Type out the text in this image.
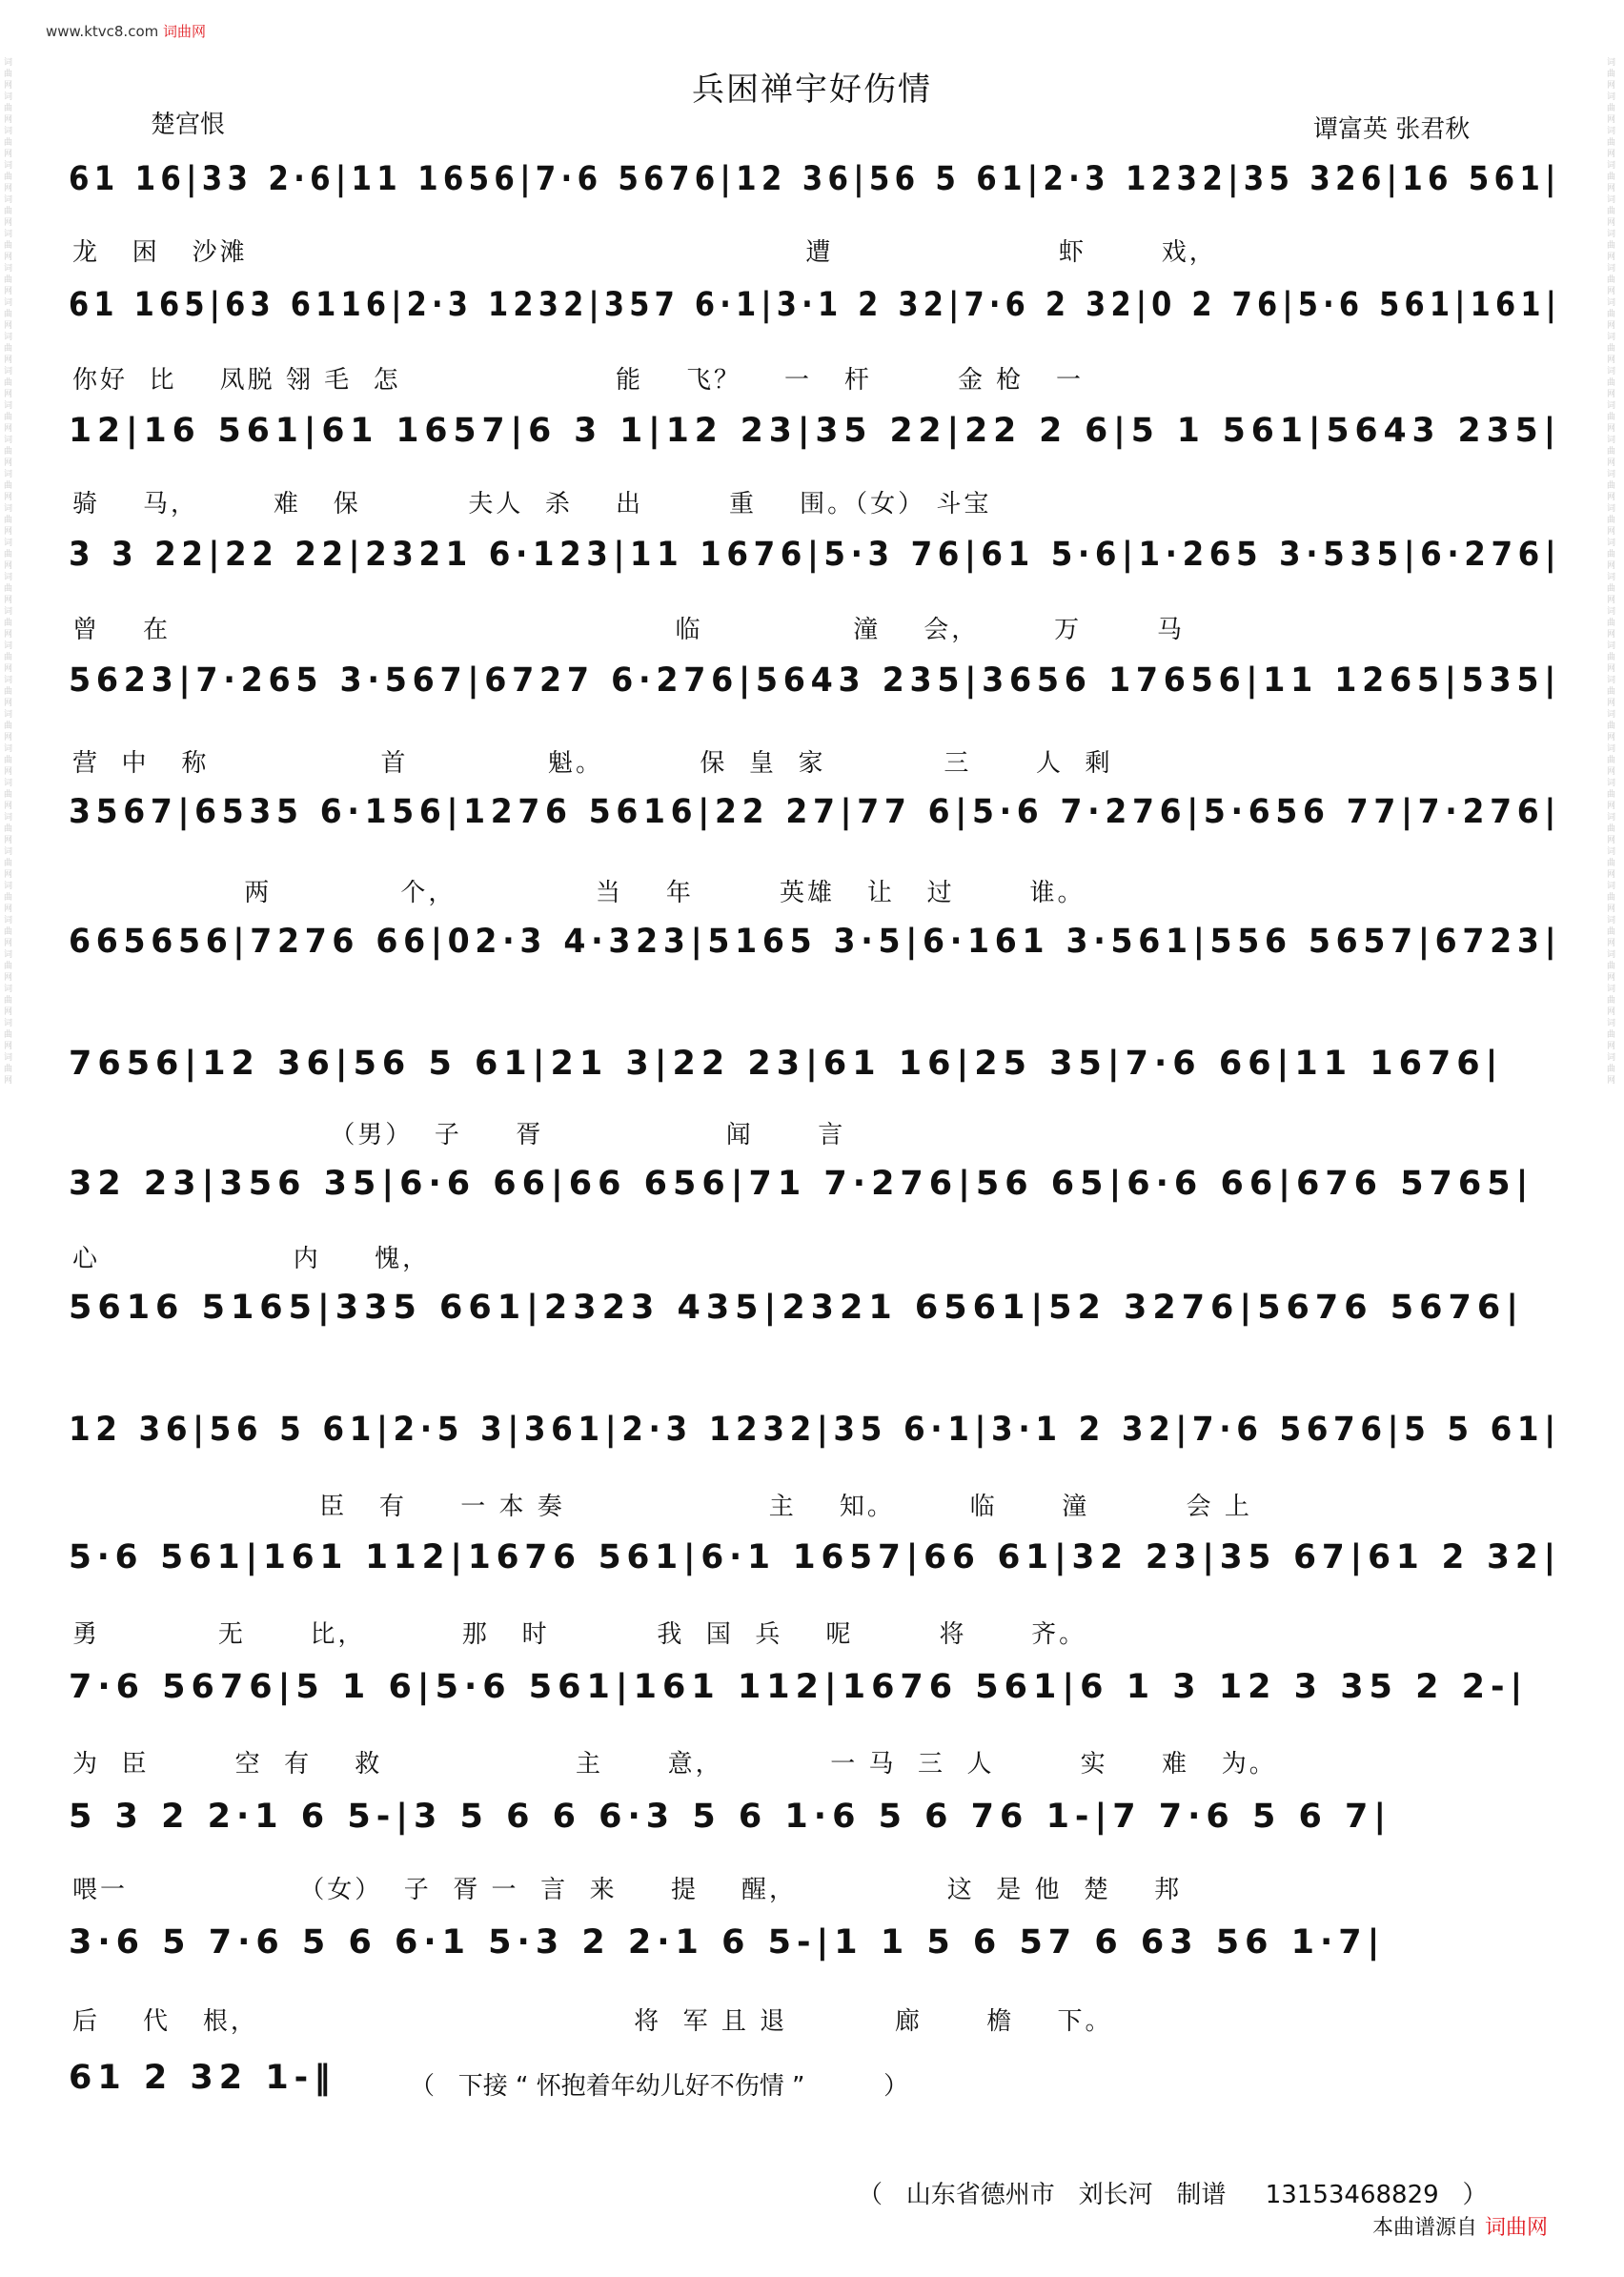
www.ktvc8.com 词曲网
词曲网词曲网词曲网词曲网词曲网词曲网词曲网词曲网词曲网词曲网词曲网词曲网词曲网词曲网词曲网词曲网词曲网词曲网词曲网词曲网词曲网词曲网词曲网词曲网词曲网词曲网词曲网词曲网词曲网词曲网
词曲网词曲网词曲网词曲网词曲网词曲网词曲网词曲网词曲网词曲网词曲网词曲网词曲网词曲网词曲网词曲网词曲网词曲网词曲网词曲网词曲网词曲网词曲网词曲网词曲网词曲网词曲网词曲网词曲网词曲网
兵困禅宇好伤情
楚宫恨	谭富英 张君秋
61 16|33 2·6|11 1656|7·6 5676|12 36|56 5 61|2·3 1232|35 326|16 561|
龙   困   沙滩                                                    遭                     虾       戏，
61 165|63 6116|2·3 1232|357 6·1|3·1 2 32|7·6 2 32|0 2 76|5·6 561|161|
你好  比    凤脱 翎 毛  怎                    能    飞？    一   杆        金 枪   一
12|16 561|61 1657|6 3 1|12 23|35 22|22 2 6|5 1 561|5643 235|
骑    马，       难   保          夫人  杀    出        重    围。（女） 斗宝
3 3 22|22 22|2321 6·123|11 1676|5·3 76|61 5·6|1·265 3·535|6·276|
曾    在                                               临              潼    会，       万       马
5623|7·265 3·567|6727 6·276|5643 235|3656 17656|11 1265|535|
营  中   称                首             魁。         保  皇  家           三      人  剩
3567|6535 6·156|1276 5616|22 27|77 6|5·6 7·276|5·656 77|7·276|
两            个，             当    年        英雄   让   过       谁。
665656|7276 66|02·3 4·323|5165 3·5|6·161 3·561|556 5657|6723|
7656|12 36|56 5 61|21 3|22 23|61 16|25 35|7·6 66|11 1676|
（男）  子     胥                 闻      言
32 23|356 35|6·6 66|66 656|71 7·276|56 65|6·6 66|676 5765|
心                  内     愧，
5616 5165|335 661|2323 435|2321 6561|52 3276|5676 5676|
12 36|56 5 61|2·5 3|361|2·3 1232|35 6·1|3·1 2 32|7·6 5676|5 5 61|
臣   有     一 本 奏                   主    知。       临      潼         会 上
5·6 561|161 112|1676 561|6·1 1657|66 61|32 23|35 67|61 2 32|
勇           无      比，         那   时          我  国  兵    呢        将      齐。
7·6 5676|5 1 6|5·6 561|161 112|1676 561|6 1 3 12 3 35 2 2-|
为  臣        空  有    救                  主      意，          一 马  三  人        实     难   为。
5 3 2 2·1 6 5-|3 5 6 6 6·3 5 6 1·6 5 6 76 1-|7 7·6 5 6 7|
喂一                （女）  子  胥 一  言  来     提    醒，              这  是 他  楚    邦
3·6 5 7·6 5 6 6·1 5·3 2 2·1 6 5-|1 1 5 6 57 6 63 56 1·7|
后    代   根，                                   将  军 且 退          廊      檐    下。
61 2 32 1-‖	（   下接 “ 怀抱着年幼儿好不伤情 ”          ）
（   山东省德州市   刘长河   制谱     13153468829   ）
本曲谱源自 词曲网
